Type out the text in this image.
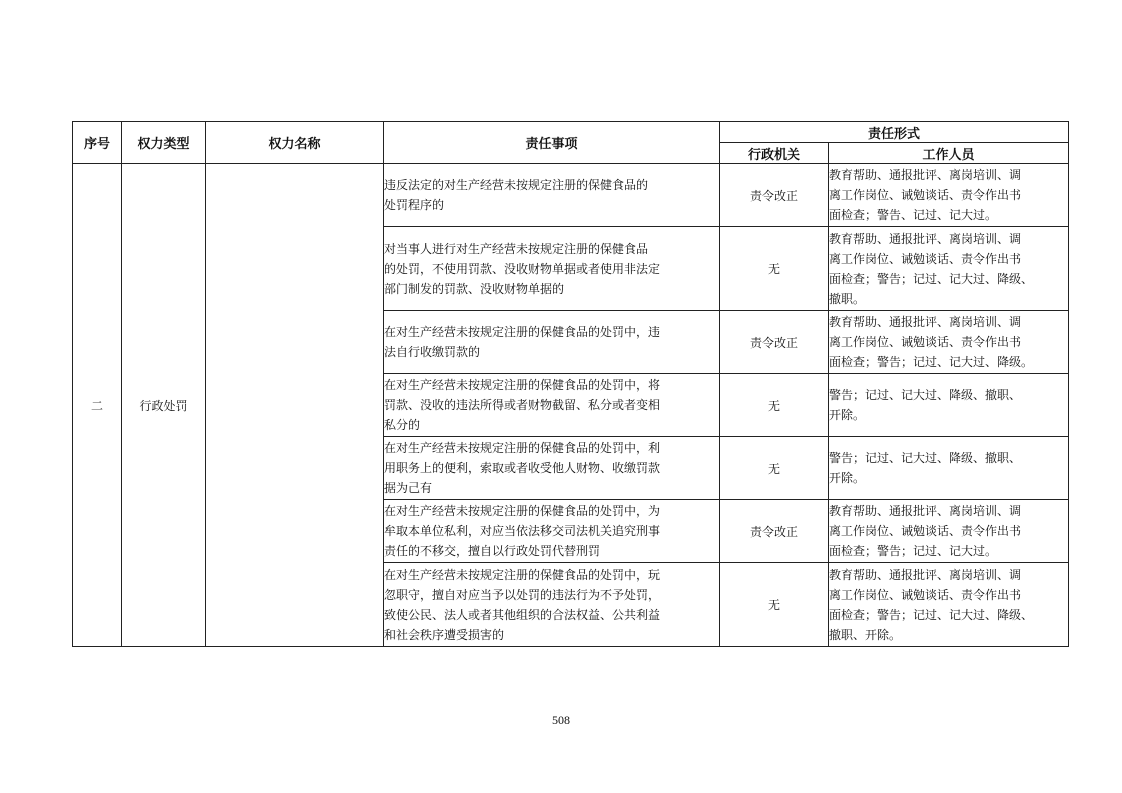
序号	权力类型	权力名称	责任事项	责任形式	
				行政机关	工作人员
二	行政处罚		违反法定的对生产经营未按规定注册的保健食品的
处罚程序的	责令改正	教育帮助、通报批评、离岗培训、调
离工作岗位、诫勉谈话、责令作出书
面检查；警告、记过、记大过。

			对当事人进行对生产经营未按规定注册的保健食品
的处罚，不使用罚款、没收财物单据或者使用非法定
部门制发的罚款、没收财物单据的	无	教育帮助、通报批评、离岗培训、调
离工作岗位、诫勉谈话、责令作出书
面检查；警告；记过、记大过、降级、
撤职。

			在对生产经营未按规定注册的保健食品的处罚中，违
法自行收缴罚款的	责令改正	教育帮助、通报批评、离岗培训、调
离工作岗位、诫勉谈话、责令作出书
面检查；警告；记过、记大过、降级。

			在对生产经营未按规定注册的保健食品的处罚中，将
罚款、没收的违法所得或者财物截留、私分或者变相
私分的	无	警告；记过、记大过、降级、撤职、
开除。

			在对生产经营未按规定注册的保健食品的处罚中，利
用职务上的便利，索取或者收受他人财物、收缴罚款
据为己有	无	警告；记过、记大过、降级、撤职、
开除。

			在对生产经营未按规定注册的保健食品的处罚中，为
牟取本单位私利，对应当依法移交司法机关追究刑事
责任的不移交，擅自以行政处罚代替刑罚	责令改正	教育帮助、通报批评、离岗培训、调
离工作岗位、诫勉谈话、责令作出书
面检查；警告；记过、记大过。

			在对生产经营未按规定注册的保健食品的处罚中，玩
忽职守，擅自对应当予以处罚的违法行为不予处罚，
致使公民、法人或者其他组织的合法权益、公共利益
和社会秩序遭受损害的	无	教育帮助、通报批评、离岗培训、调
离工作岗位、诫勉谈话、责令作出书
面检查；警告；记过、记大过、降级、
撤职、开除。
508
